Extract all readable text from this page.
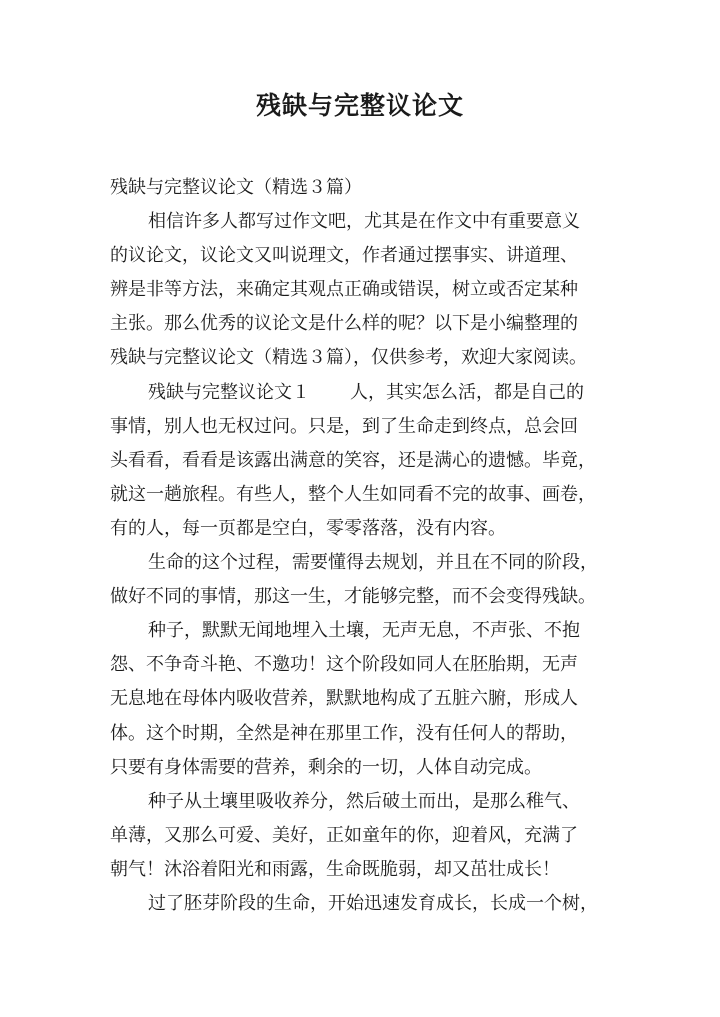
残缺与完整议论文
残缺与完整议论文（精选３篇）
相信许多人都写过作文吧，尤其是在作文中有重要意义
的议论文，议论文又叫说理文，作者通过摆事实、讲道理、
辨是非等方法，来确定其观点正确或错误，树立或否定某种
主张。那么优秀的议论文是什么样的呢？以下是小编整理的
残缺与完整议论文（精选３篇），仅供参考，欢迎大家阅读。
残缺与完整议论文１ 人，其实怎么活，都是自己的
事情，别人也无权过问。只是，到了生命走到终点，总会回
头看看，看看是该露出满意的笑容，还是满心的遗憾。毕竟，
就这一趟旅程。有些人，整个人生如同看不完的故事、画卷，
有的人，每一页都是空白，零零落落，没有内容。
生命的这个过程，需要懂得去规划，并且在不同的阶段，
做好不同的事情，那这一生，才能够完整，而不会变得残缺。
种子，默默无闻地埋入土壤，无声无息，不声张、不抱
怨、不争奇斗艳、不邀功！这个阶段如同人在胚胎期，无声
无息地在母体内吸收营养，默默地构成了五脏六腑，形成人
体。这个时期，全然是神在那里工作，没有任何人的帮助，
只要有身体需要的营养，剩余的一切，人体自动完成。
种子从土壤里吸收养分，然后破土而出，是那么稚气、
单薄，又那么可爱、美好，正如童年的你，迎着风，充满了
朝气！沐浴着阳光和雨露，生命既脆弱，却又茁壮成长！
过了胚芽阶段的生命，开始迅速发育成长，长成一个树，
